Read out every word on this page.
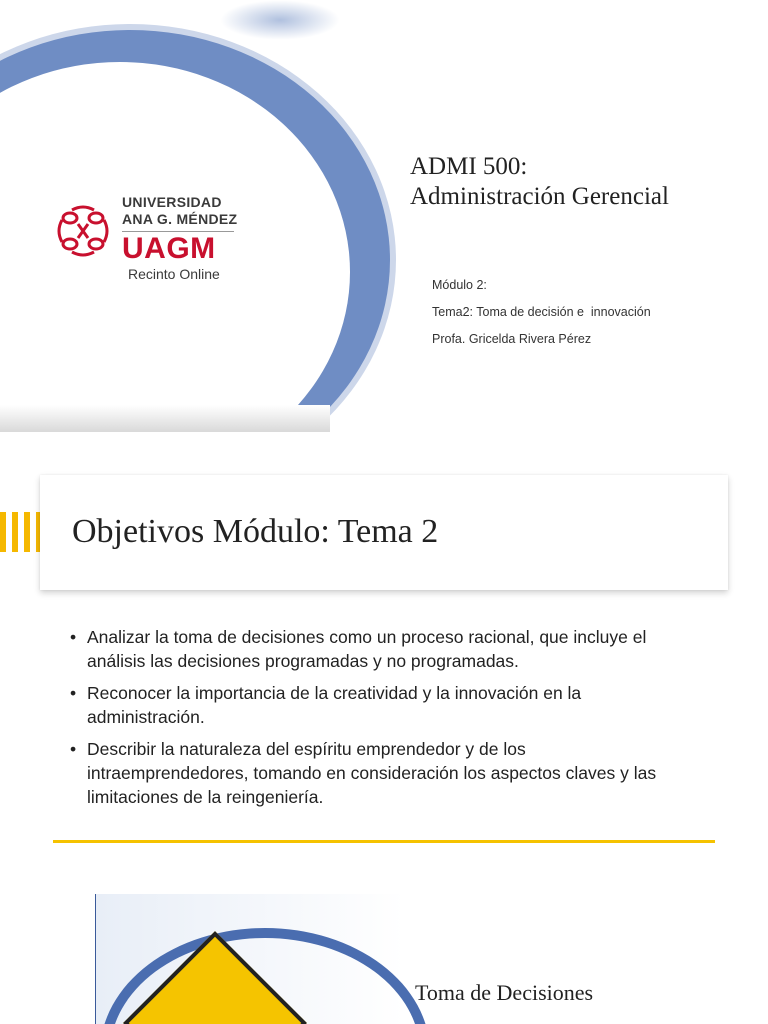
UNIVERSIDAD
ANA G. MÉNDEZ
UAGM
Recinto Online
ADMI 500:
Administración Gerencial
Módulo 2:
Tema2: Toma de decisión e  innovación
Profa. Gricelda Rivera Pérez
Objetivos Módulo: Tema 2
• Analizar la toma de decisiones como un proceso racional, que incluye el análisis las decisiones programadas y no programadas.
• Reconocer la importancia de la creatividad y la innovación en la administración.
• Describir la naturaleza del espíritu emprendedor y de los intraemprendedores, tomando en consideración los aspectos claves y las limitaciones de la reingeniería.
Toma de Decisiones
